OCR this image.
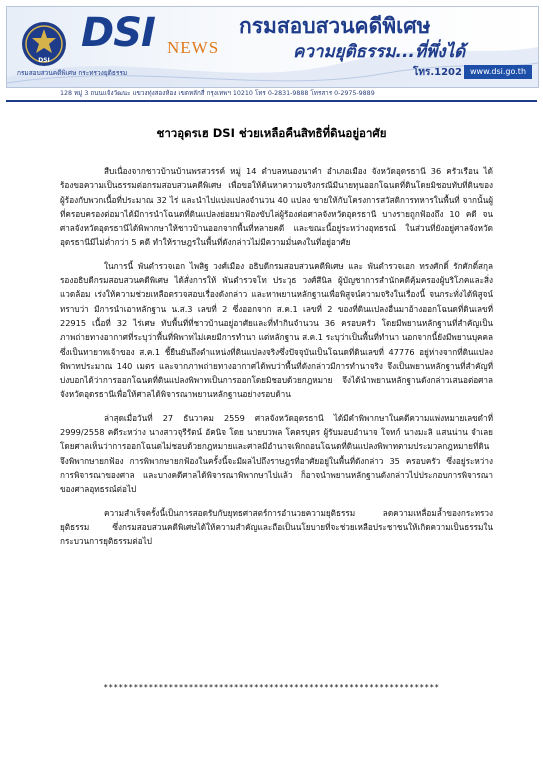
DSI
DSI NEWS
กรมสอบสวนคดีพิเศษ
ความยุติธรรม...ที่พึ่งได้
โทร.1202	www.dsi.go.th
กรมสอบสวนคดีพิเศษ กระทรวงยุติธรรม
128 หมู่ 3 ถนนแจ้งวัฒนะ แขวงทุ่งสองห้อง เขตหลักสี่ กรุงเทพฯ 10210 โทร 0-2831-9888 โทรสาร 0-2975-9889
ชาวอุดรเฮ DSI ช่วยเหลือคืนสิทธิที่ดินอยู่อาศัย

สืบเนื่องจากชาวบ้านบ้านพรสวรรค์ หมู่ 14 ตำบลหนองนาคำ อำเภอเมือง จังหวัดอุดรธานี 36 ครัวเรือน ได้ร้องขอความเป็นธรรมต่อกรมสอบสวนคดีพิเศษ เพื่อขอให้ค้นหาความจริงกรณีมีนายทุนออกโฉนดที่ดินโดยมิชอบทับที่ดินของผู้ร้องกับพวกเนื้อที่ประมาณ 32 ไร่ และนำไปแบ่งแปลงจำนวน 40 แปลง ขายให้กับโครงการสวัสดิการทหารในพื้นที่ จากนั้นผู้ที่ครอบครองต่อมาได้มีการนำโฉนดที่ดินแปลงย่อยมาฟ้องขับไล่ผู้ร้องต่อศาลจังหวัดอุดรธานี บางรายถูกฟ้องถึง 10 คดี จนศาลจังหวัดอุดรธานีได้พิพากษาให้ชาวบ้านออกจากพื้นที่หลายคดี และขณะนี้อยู่ระหว่างอุทธรณ์ ในส่วนที่ยังอยู่ศาลจังหวัดอุดรธานีมีไม่ต่ำกว่า 5 คดี ทำให้ราษฎรในพื้นที่ดังกล่าวไม่มีความมั่นคงในที่อยู่อาศัย

ในการนี้ พันตำรวจเอก ไพสิฐ วงศ์เมือง อธิบดีกรมสอบสวนคดีพิเศษ และ พันตำรวจเอก ทรงศักดิ์ รักศักดิ์สกุล รองอธิบดีกรมสอบสวนคดีพิเศษ ได้สั่งการให้ พันตำรวจโท ประวุธ วงศ์สีนิล ผู้บัญชาการสำนักคดีคุ้มครองผู้บริโภคและสิ่งแวดล้อม เร่งให้ความช่วยเหลือตรวจสอบเรื่องดังกล่าว และหาพยานหลักฐานเพื่อพิสูจน์ความจริงในเรื่องนี้ จนกระทั่งได้พิสูจน์ทราบว่า มีการนำเอาหลักฐาน น.ส.3 เลขที่ 2 ซึ่งออกจาก ส.ค.1 เลขที่ 2 ของที่ดินแปลงอื่นมาอ้างออกโฉนดที่ดินเลขที่ 22915 เนื้อที่ 32 ไร่เศษ ทับพื้นที่ที่ชาวบ้านอยู่อาศัยและที่ทำกินจำนวน 36 ครอบครัว โดยมีพยานหลักฐานที่สำคัญเป็นภาพถ่ายทางอากาศที่ระบุว่าพื้นที่พิพาทไม่เคยมีการทำนา แต่หลักฐาน ส.ค.1 ระบุว่าเป็นพื้นที่ทำนา นอกจากนี้ยังมีพยานบุคคลซึ่งเป็นทายาทเจ้าของ ส.ค.1 ชี้ยืนยันถึงตำแหน่งที่ดินแปลงจริงซึ่งปัจจุบันเป็นโฉนดที่ดินเลขที่ 47776 อยู่ห่างจากที่ดินแปลงพิพาทประมาณ 140 เมตร และจากภาพถ่ายทางอากาศได้พบว่าพื้นที่ดังกล่าวมีการทำนาจริง จึงเป็นพยานหลักฐานที่สำคัญที่บ่งบอกได้ว่าการออกโฉนดที่ดินแปลงพิพาทเป็นการออกโดยมิชอบด้วยกฎหมาย จึงได้นำพยานหลักฐานดังกล่าวเสนอต่อศาลจังหวัดอุดรธานีเพื่อให้ศาลได้พิจารณาพยานหลักฐานอย่างรอบด้าน

ล่าสุดเมื่อวันที่ 27 ธันวาคม 2559 ศาลจังหวัดอุดรธานี ได้มีคำพิพากษาในคดีความแพ่งหมายเลขดำที่ 2999/2558 คดีระหว่าง นางสาวจุรีรัตน์ อัคนิจ โดย นายบวพล โคตรบุตร ผู้รับมอบอำนาจ โจทก์ นางมะลิ แสนน่าน จำเลย โดยศาลเห็นว่าการออกโฉนดไม่ชอบด้วยกฎหมายและศาลมีอำนาจเพิกถอนโฉนดที่ดินแปลงพิพาทตามประมวลกฎหมายที่ดิน จึงพิพากษายกฟ้อง การพิพากษายกฟ้องในครั้งนี้จะมีผลไปถึงราษฎรที่อาศัยอยู่ในพื้นที่ดังกล่าว 35 ครอบครัว ซึ่งอยู่ระหว่างการพิจารณาของศาล และบางคดีศาลได้พิจารณาพิพากษาไปแล้ว ก็อาจนำพยานหลักฐานดังกล่าวไปประกอบการพิจารณาของศาลอุทธรณ์ต่อไป

ความสำเร็จครั้งนี้เป็นการสอดรับกับยุทธศาสตร์การอำนวยความยุติธรรม ลดความเหลื่อมล้ำของกระทรวงยุติธรรม ซึ่งกรมสอบสวนคดีพิเศษได้ให้ความสำคัญและถือเป็นนโยบายที่จะช่วยเหลือประชาชนให้เกิดความเป็นธรรมในกระบวนการยุติธรรมต่อไป

*******************************************************************
